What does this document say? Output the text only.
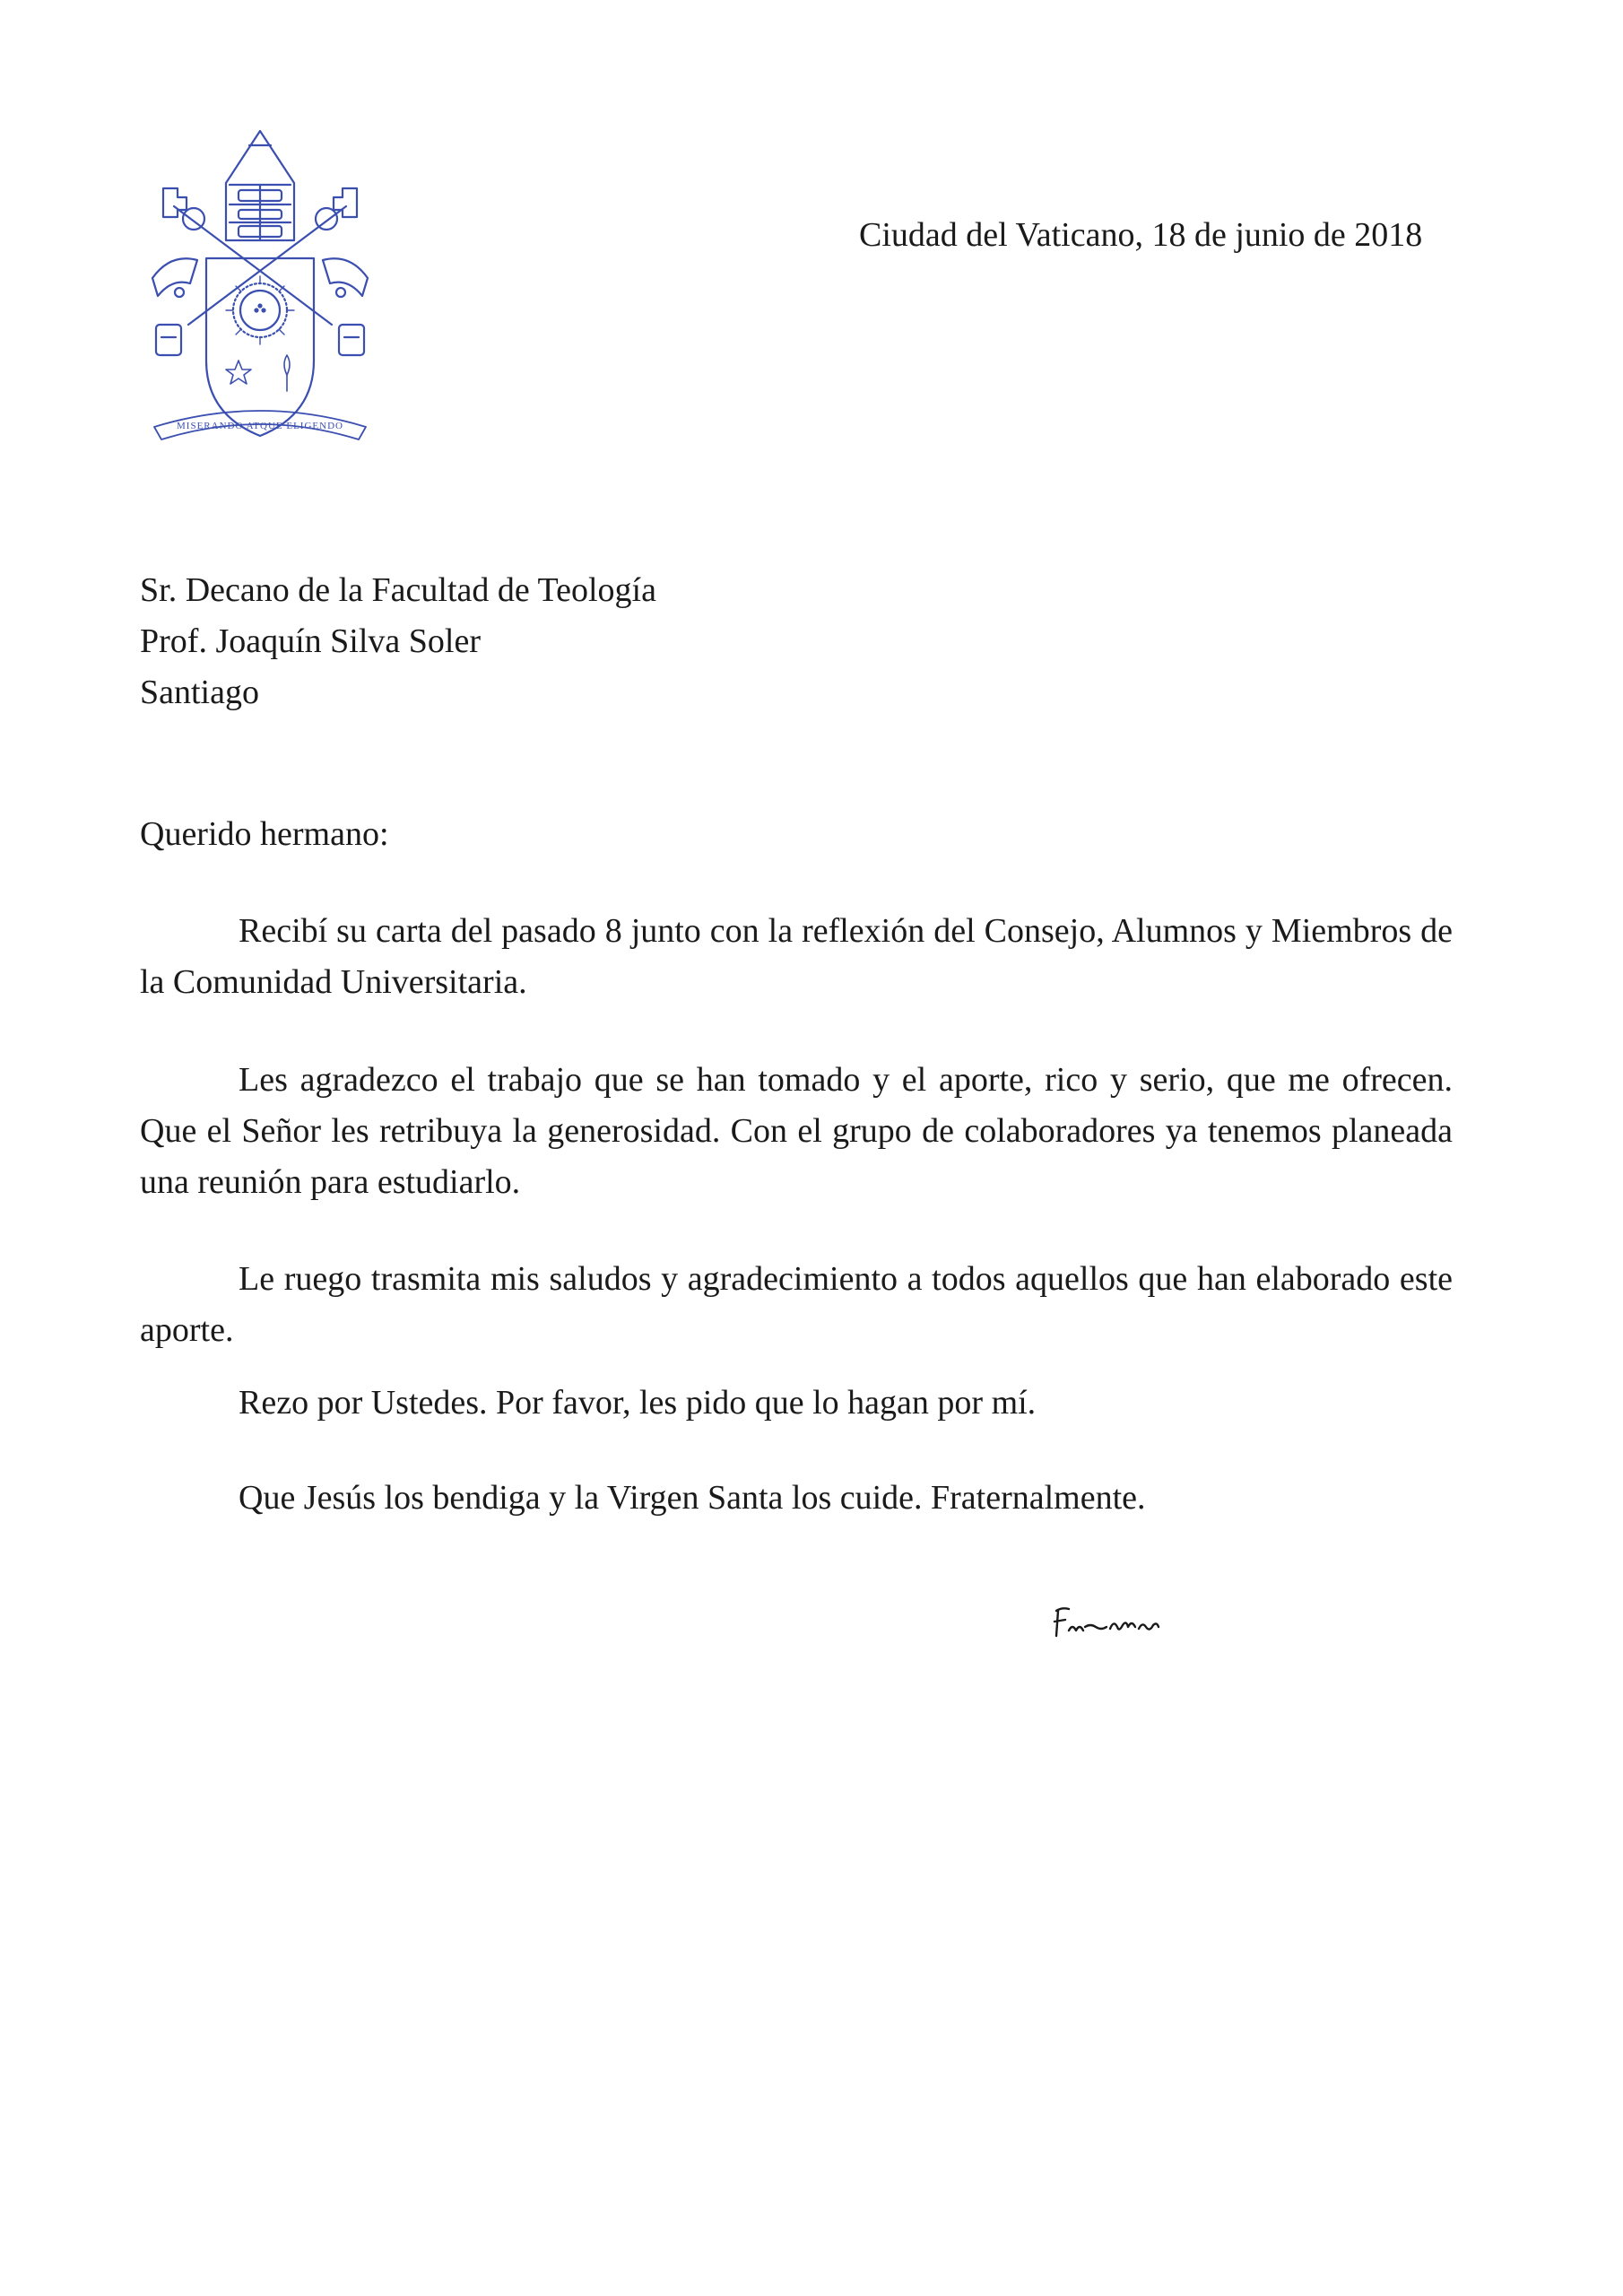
MISERANDO ATQUE ELIGENDO
Ciudad del Vaticano, 18 de junio de 2018
Sr. Decano de la Facultad de Teología
Prof. Joaquín Silva Soler
Santiago
Querido hermano:

Recibí su carta del pasado 8 junto con la reflexión del Consejo, Alumnos y Miembros de la Comunidad Universitaria.

Les agradezco el trabajo que se han tomado y el aporte, rico y serio, que me ofrecen. Que el Señor les retribuya la generosidad. Con el grupo de colaboradores ya tenemos planeada una reunión para estudiarlo.

Le ruego trasmita mis saludos y agradecimiento a todos aquellos que han elaborado este aporte.

Rezo por Ustedes. Por favor, les pido que lo hagan por mí.

Que Jesús los bendiga y la Virgen Santa los cuide. Fraternalmente.
